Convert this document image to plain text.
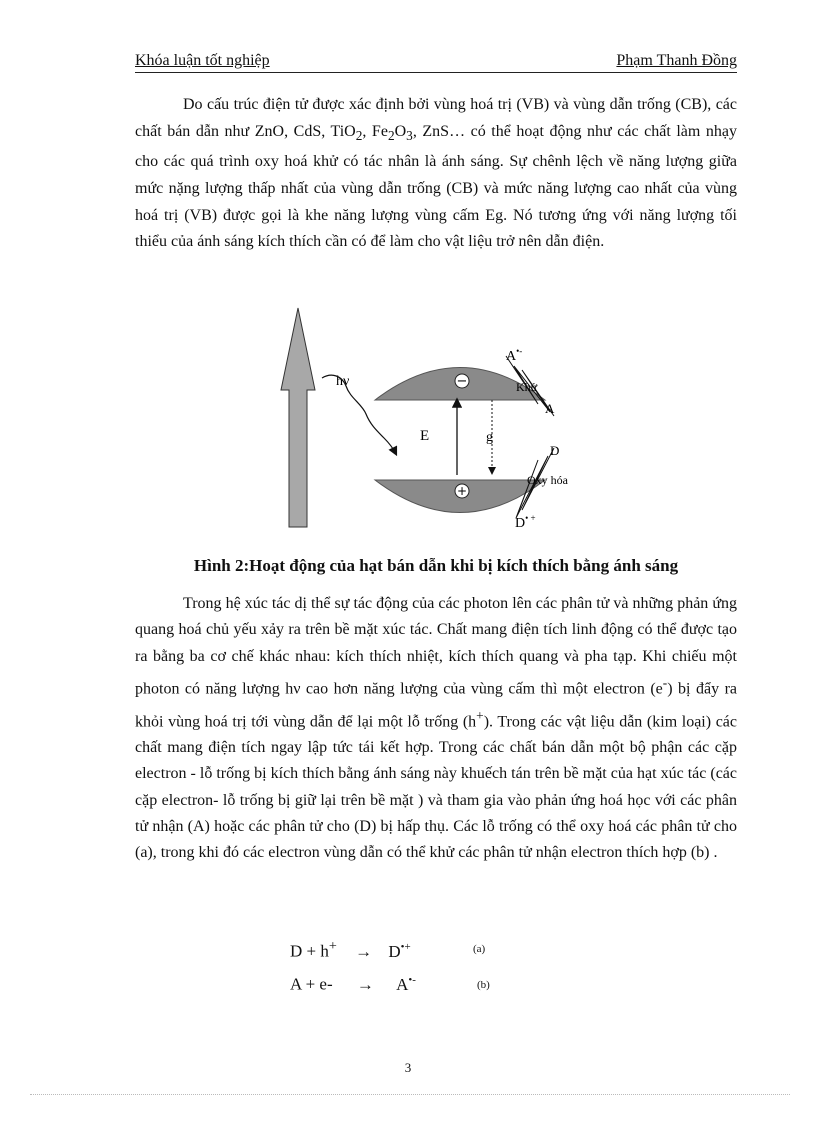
Khóa luận tốt nghiệp	Phạm Thanh Đồng

Do cấu trúc điện tử được xác định bởi vùng hoá trị (VB) và vùng dẫn trống (CB), các chất bán dẫn như ZnO, CdS, TiO$_2$, $Fe_2O_3$, ZnS… có thể hoạt động như các chất làm nhạy cho các quá trình oxy hoá khử có tác nhân là ánh sáng. Sự chênh lệch về năng lượng giữa mức nặng lượng thấp nhất của vùng dẫn trống (CB) và mức năng lượng cao nhất của vùng hoá trị (VB) được gọi là khe năng lượng vùng cấm Eg. Nó tương ứng với năng lượng tối thiểu của ánh sáng kích thích cần có để làm cho vật liệu trở nên dẫn điện.

−
+
hν
E	g
A•-
Khử
A
D
Oxy hóa
D• +

Hình 2:Hoạt động của hạt bán dẫn khi bị kích thích bằng ánh sáng

Trong hệ xúc tác dị thể sự tác động của các photon lên các phân tử và những phản ứng quang hoá chủ yếu xảy ra trên bề mặt xúc tác. Chất mang điện tích linh động có thể được tạo ra bằng ba cơ chế khác nhau: kích thích nhiệt, kích thích quang và pha tạp. Khi chiếu một photon có năng lượng hν cao hơn năng lượng của vùng cấm thì một electron (e-) bị đẩy ra khỏi vùng hoá trị tới vùng dẫn để lại một lỗ trống (h+). Trong các vật liệu dẫn (kim loại) các chất mang điện tích ngay lập tức tái kết hợp. Trong các chất bán dẫn một bộ phận các cặp electron - lỗ trống bị kích thích bằng ánh sáng này khuếch tán trên bề mặt của hạt xúc tác (các cặp electron- lỗ trống bị giữ lại trên bề mặt ) và tham gia vào phản ứng hoá học với các phân tử nhận (A) hoặc các phân tử cho (D) bị hấp thụ. Các lỗ trống có thể oxy hoá các phân tử cho (a), trong khi đó các electron vùng dẫn có thể khử các phân tử nhận electron thích hợp (b) .

D + h+ → D•+	(a)
A + e- → A•-	(b)
3
